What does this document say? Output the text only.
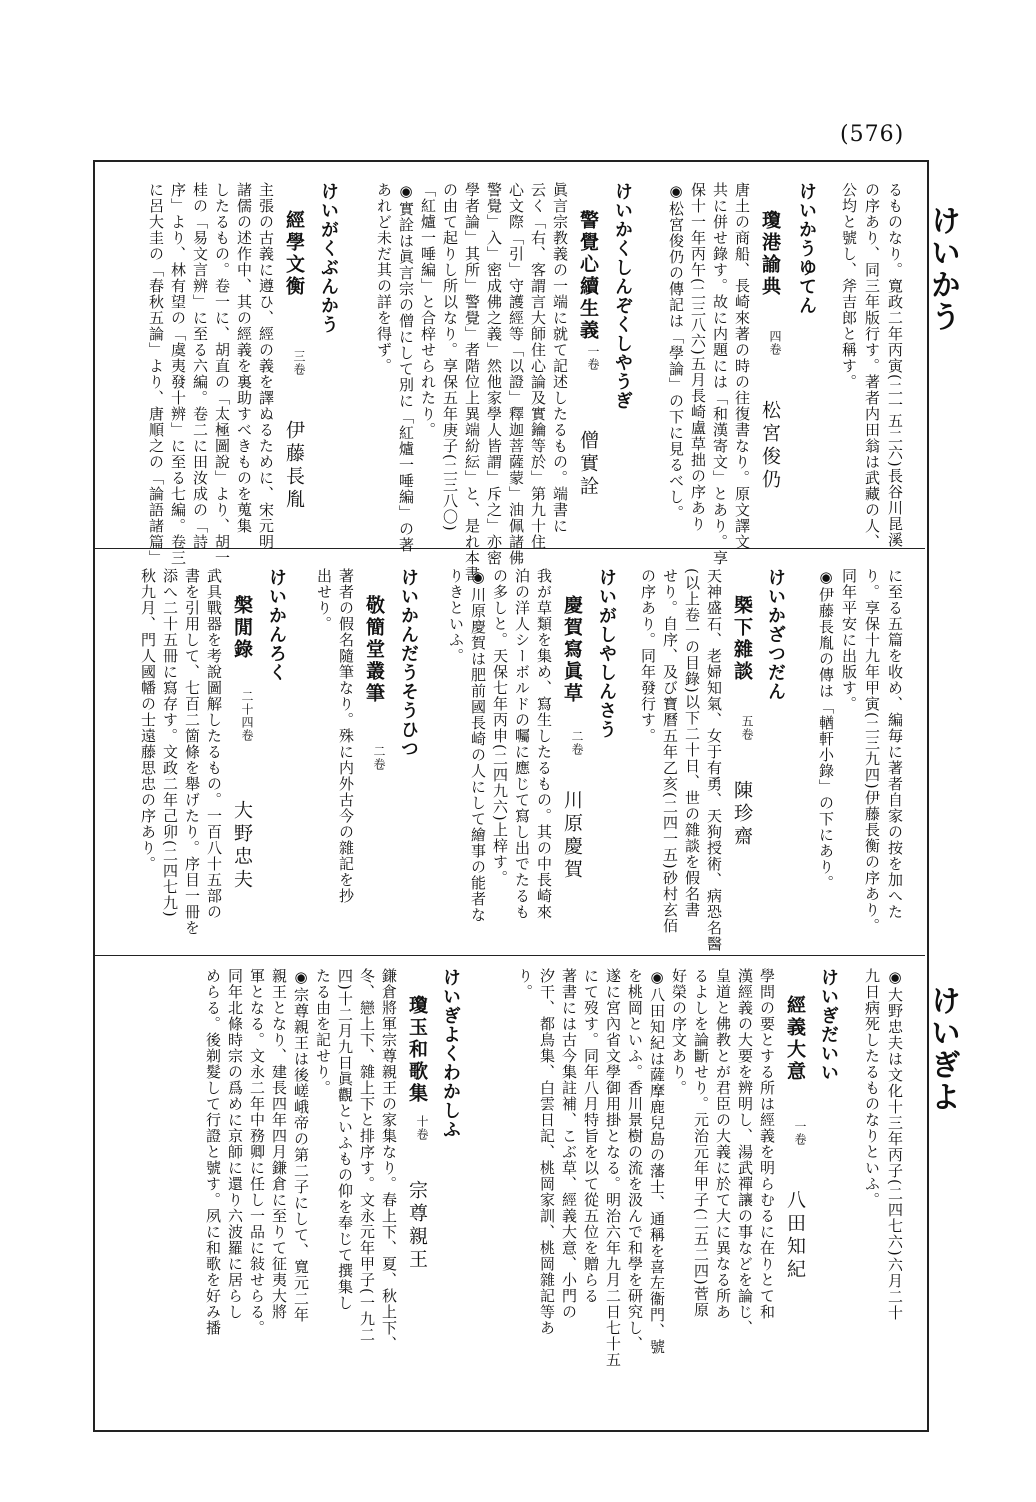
(576)
けいかう
けいぎよ
るものなり。寛政二年丙寅(二一五二六)長谷川昆溪
の序あり、同三年版行す。著者内田翁は武藏の人、
公均と號し、斧吉郎と稱す。
けいかうゆてん
瓊港諭典
四卷
松宮俊仍
唐土の商船、長崎來著の時の往復書なり。原文譯文
共に併せ錄す。故に内題には「和漢寄文」とあり。享
保十一年丙午(二三八六)五月長崎盧草拙の序あり
◉松宮俊仍の傳記は「學論」の下に見るべし。
けいかくしんぞくしやうぎ
警覺心續生義
一卷
僧實詮
眞言宗教義の一端に就て記述したるもの。端書に
云く「右、客謂言大師住心論及實鑰等於」第九十住
心文際「引」守護經等「以證」釋迦菩薩蒙」油佩諸佛
警覺」入」密成佛之義」然他家學人皆謂」斥之」亦密
學者論」其所」警覺」者階位上異端紛紜」と、是れ本書
の由て起りし所以なり。享保五年庚子(二三八〇)
「紅爐一唾編」と合梓せられたり。
◉實詮は眞言宗の僧にして別に「紅爐一唾編」の著
あれど未だ其の詳を得ず。
けいがくぶんかう
經學文衡
三卷
伊藤長胤
主張の古義に遵ひ、經の義を譯ぬるために、宋元明
諸儒の述作中、其の經義を裏助すべきものを蒐集
したるもの。卷一に、胡直の「太極圖說」より、胡一
桂の「易文言辨」に至る六編。卷二に田汝成の「詩
序」より、林有望の「虞夷發十辨」に至る七編。卷三
に呂大圭の「春秋五論」より、唐順之の「論語諸篇」
に至る五篇を收め、編毎に著者自家の按を加へた
り。享保十九年甲寅(二三九四)伊藤長衡の序あり。
同年平安に出版す。
◉伊藤長胤の傳は「輶軒小錄」の下にあり。
けいかざつだん
槩下雜談
五卷
陳珍齋
天神盛石、老婦知氣、女于有勇、天狗授術、病恐名醫
(以上卷一の目錄)以下二十日、世の雜談を假名書
せり。自序、及び寶曆五年乙亥(二四一五)砂村玄佰
の序あり。同年發行す。
けいがしやしんさう
慶賀寫眞草
二卷
川原慶賀
我が草類を集め、寫生したるもの。其の中長崎來
泊の洋人シーボルドの囑に應じて寫し出でたるも
の多しと。天保七年丙申(二四九六)上梓す。
◉川原慶賀は肥前國長崎の人にして繪事の能者な
りきといふ。
けいかんだうそうひつ
敬簡堂叢筆
二卷
著者の假名隨筆なり。殊に内外古今の雜記を抄
出せり。
けいかんろく
槃閒錄
二十四卷
大野忠夫
武具戰器を考說圖解したるもの。一百八十五部の
書を引用して、七百二箇條を舉げたり。序目一冊を
添へ二十五冊に寫存す。文政二年己卯(二四七九)
秋九月、門人國幡の士遠藤思忠の序あり。
◉大野忠夫は文化十三年丙子(二四七六)六月二十
九日病死したるものなりといふ。
けいぎだいい
經義大意
一卷
八田知紀
學問の要とする所は經義を明らむるに在りとて和
漢經義の大要を辨明し、湯武禪讓の事などを論じ、
皇道と佛教とが君臣の大義に於て大に異なる所あ
るよしを論斷せり。元治元年甲子(二五二四)菅原
好榮の序文あり。
◉八田知紀は薩摩鹿兒島の藩士、通稱を喜左衞門、號
を桃岡といふ。香川景樹の流を汲んで和學を研究し、
遂に宮內省文學御用掛となる。明治六年九月二日七十五
にて歿す。同年八月特旨を以て從五位を贈らる
著書には古今集註補、こぶ草、經義大意、小門の
汐干、都鳥集、白雲日記、桃岡家訓、桃岡雜記等あ
り。
けいぎよくわかしふ
瓊玉和歌集
十卷
宗尊親王
鎌倉將軍宗尊親王の家集なり。春上下、夏、秋上下、
冬、戀上下、雜上下と排序す。文永元年甲子(一九二
四)十二月九日眞觀といふもの仰を奉じて撰集し
たる由を記せり。
◉宗尊親王は後嵯峨帝の第二子にして、寬元二年
親王となり、建長四年四月鎌倉に至りて征夷大將
軍となる。文永二年中務卿に任し一品に敍せらる。
同年北條時宗の爲めに京師に還り六波羅に居らし
めらる。後剃髮して行證と號す。夙に和歌を好み播
